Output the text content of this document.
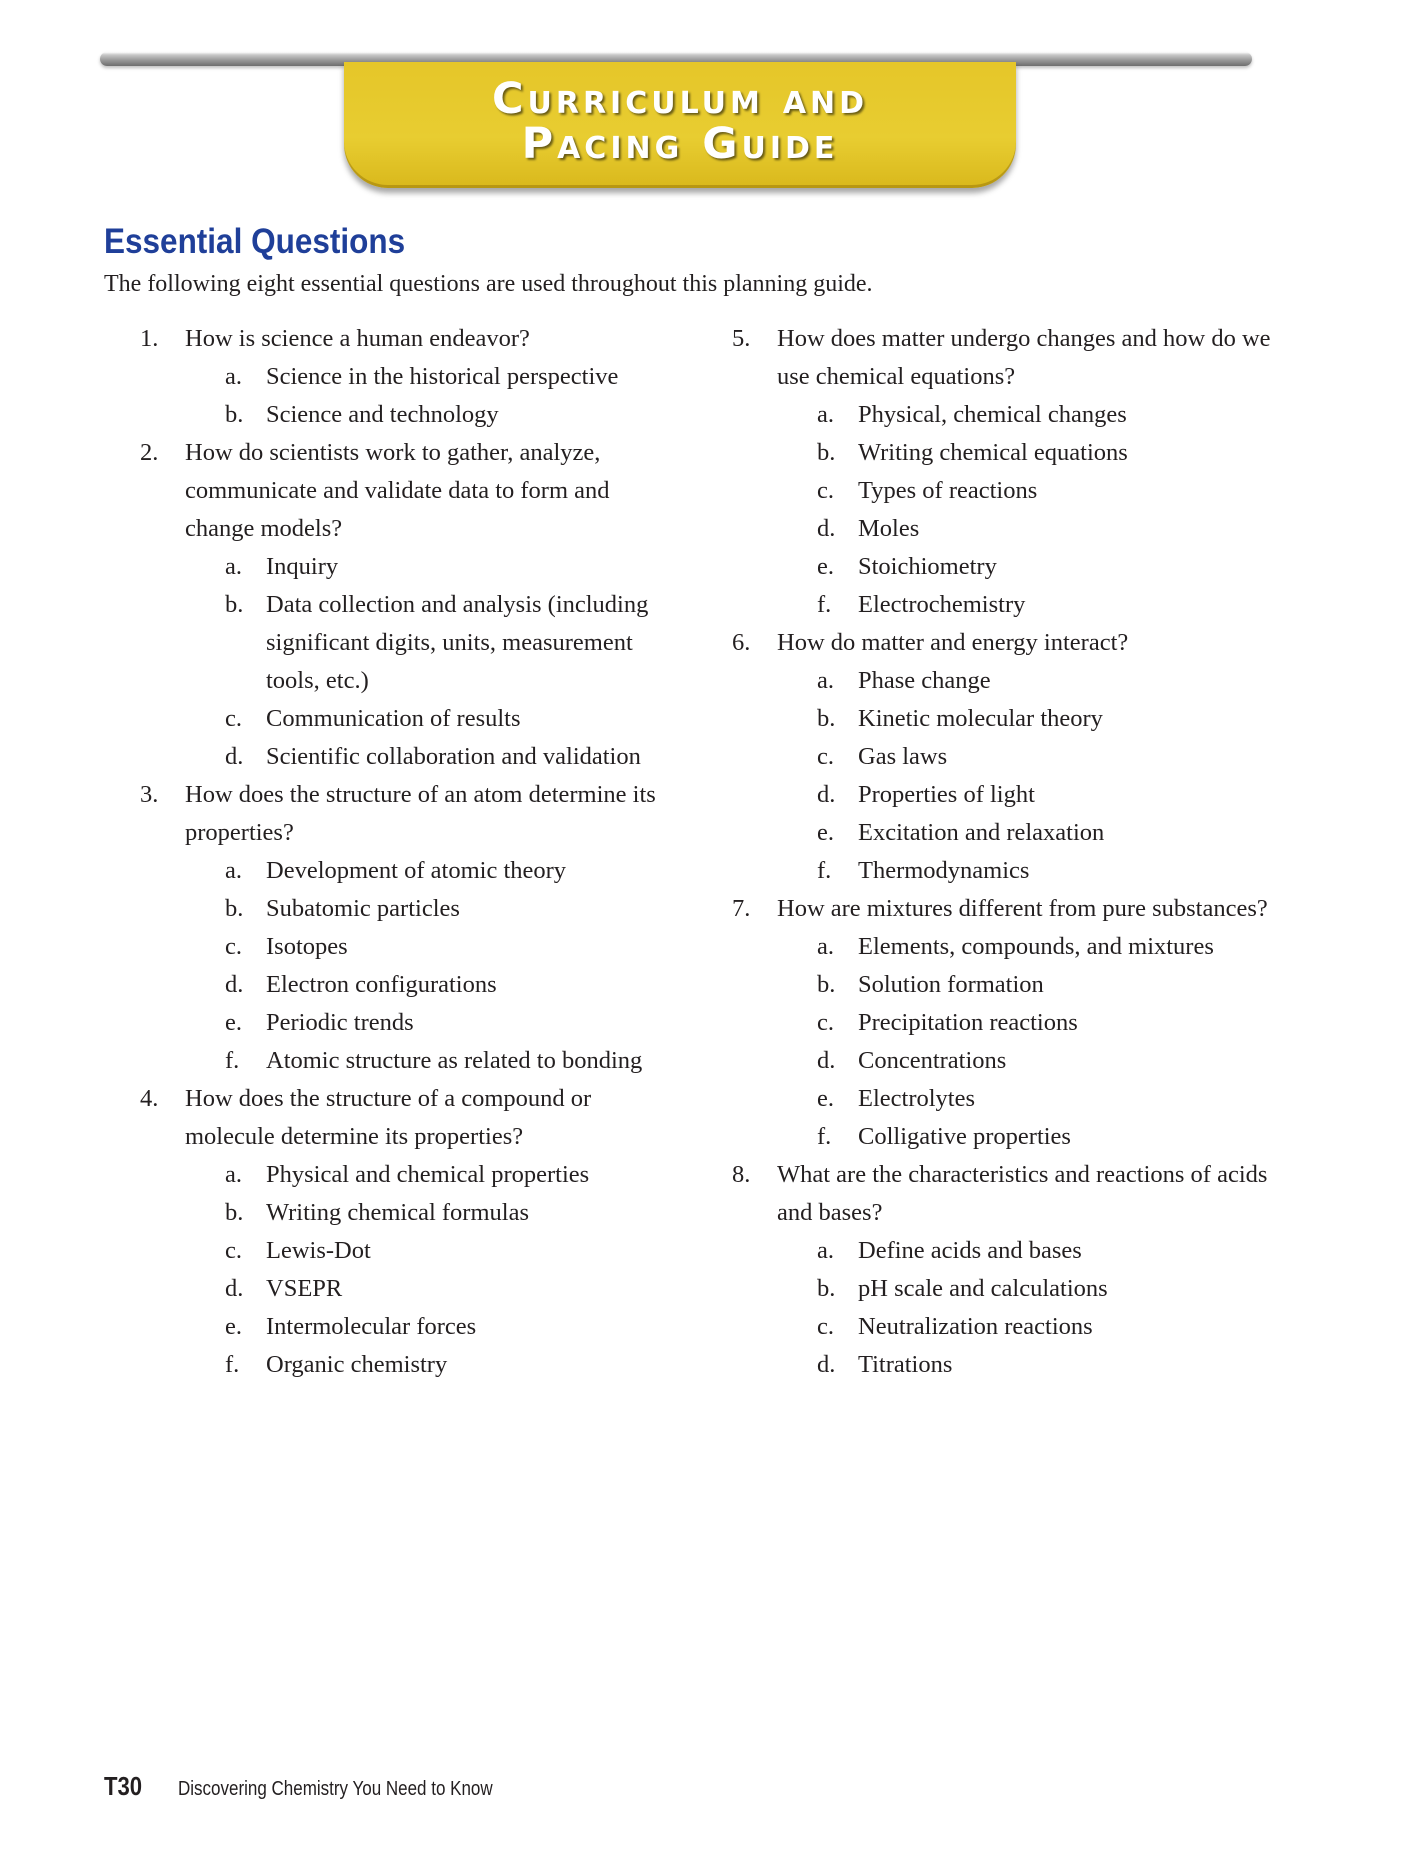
Curriculum and
Pacing Guide
Essential Questions

The following eight essential questions are used throughout this planning guide.

1. How is science a human endeavor?
a. Science in the historical perspective
b. Science and technology
2. How do scientists work to gather, analyze, communicate and validate data to form and change models?
a. Inquiry
b. Data collection and analysis (including significant digits, units, measurement tools, etc.)
c. Communication of results
d. Scientific collaboration and validation
3. How does the structure of an atom determine its properties?
a. Development of atomic theory
b. Subatomic particles
c. Isotopes
d. Electron configurations
e. Periodic trends
f. Atomic structure as related to bonding
4. How does the structure of a compound or molecule determine its properties?
a. Physical and chemical properties
b. Writing chemical formulas
c. Lewis-Dot
d. VSEPR
e. Intermolecular forces
f. Organic chemistry
5. How does matter undergo changes and how do we use chemical equations?
a. Physical, chemical changes
b. Writing chemical equations
c. Types of reactions
d. Moles
e. Stoichiometry
f. Electrochemistry
6. How do matter and energy interact?
a. Phase change
b. Kinetic molecular theory
c. Gas laws
d. Properties of light
e. Excitation and relaxation
f. Thermodynamics
7. How are mixtures different from pure substances?
a. Elements, compounds, and mixtures
b. Solution formation
c. Precipitation reactions
d. Concentrations
e. Electrolytes
f. Colligative properties
8. What are the characteristics and reactions of acids and bases?
a. Define acids and bases
b. pH scale and calculations
c. Neutralization reactions
d. Titrations
T30	Discovering Chemistry You Need to Know
